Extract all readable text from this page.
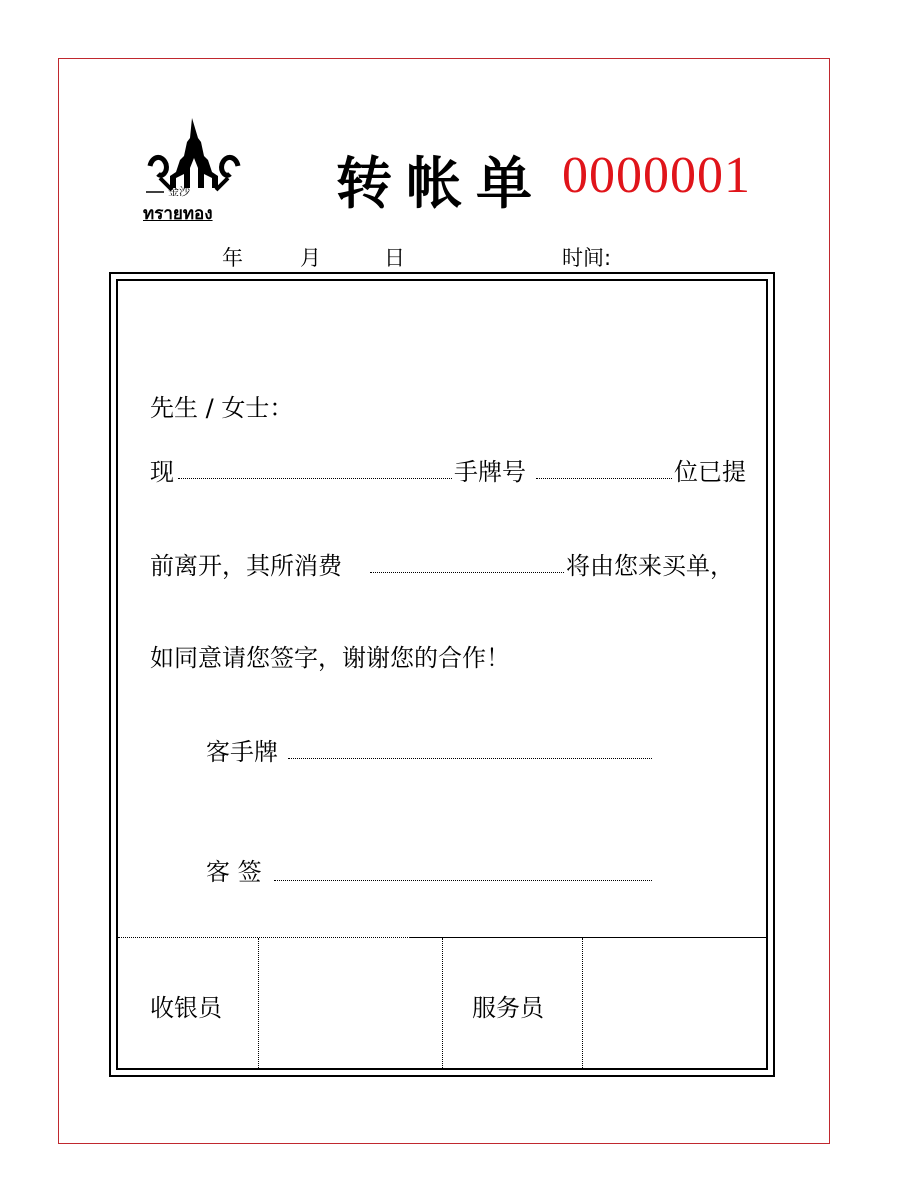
金沙
ทรายทอง 转帐单 0000001
年	月	日	时间:
先生 / 女士：
现	手牌号	位已提
前离开，其所消费	将由您来买单，
如同意请您签字，谢谢您的合作！
客手牌
客 签
收银员	服务员
